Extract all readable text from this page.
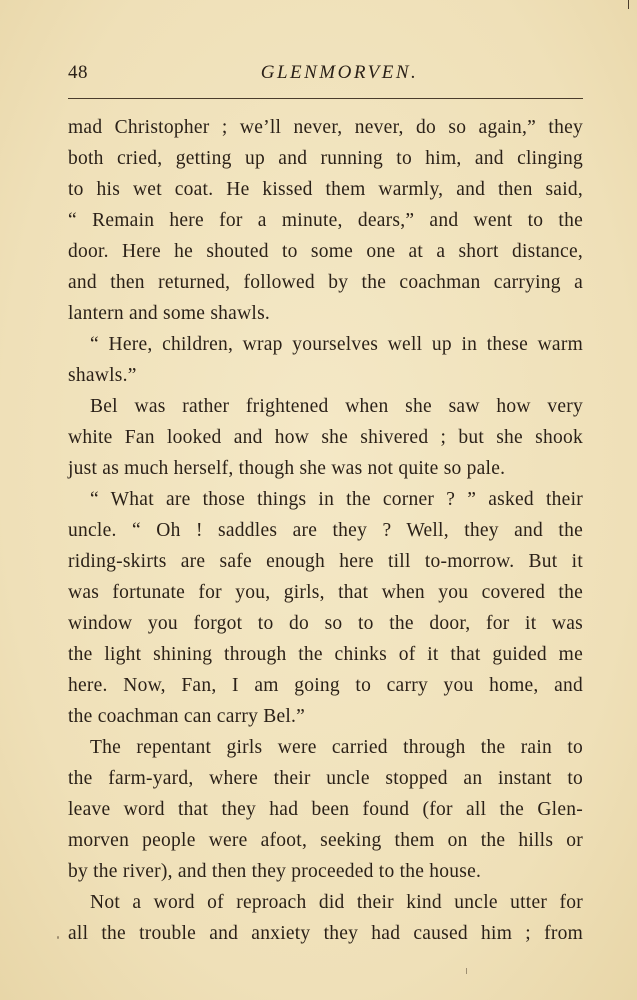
48	GLENMORVEN.
mad Christopher ; we’ll never, never, do so again,” they
both cried, getting up and running to him, and clinging
to his wet coat. He kissed them warmly, and then said,
“ Remain here for a minute, dears,” and went to the
door. Here he shouted to some one at a short distance,
and then returned, followed by the coachman carrying a
lantern and some shawls.
“ Here, children, wrap yourselves well up in these warm
shawls.”
Bel was rather frightened when she saw how very
white Fan looked and how she shivered ; but she shook
just as much herself, though she was not quite so pale.
“ What are those things in the corner ? ” asked their
uncle. “ Oh ! saddles are they ? Well, they and the
riding-skirts are safe enough here till to-morrow. But it
was fortunate for you, girls, that when you covered the
window you forgot to do so to the door, for it was
the light shining through the chinks of it that guided me
here. Now, Fan, I am going to carry you home, and
the coachman can carry Bel.”
The repentant girls were carried through the rain to
the farm-yard, where their uncle stopped an instant to
leave word that they had been found (for all the Glen-
morven people were afoot, seeking them on the hills or
by the river), and then they proceeded to the house.
Not a word of reproach did their kind uncle utter for
all the trouble and anxiety they had caused him ; from
